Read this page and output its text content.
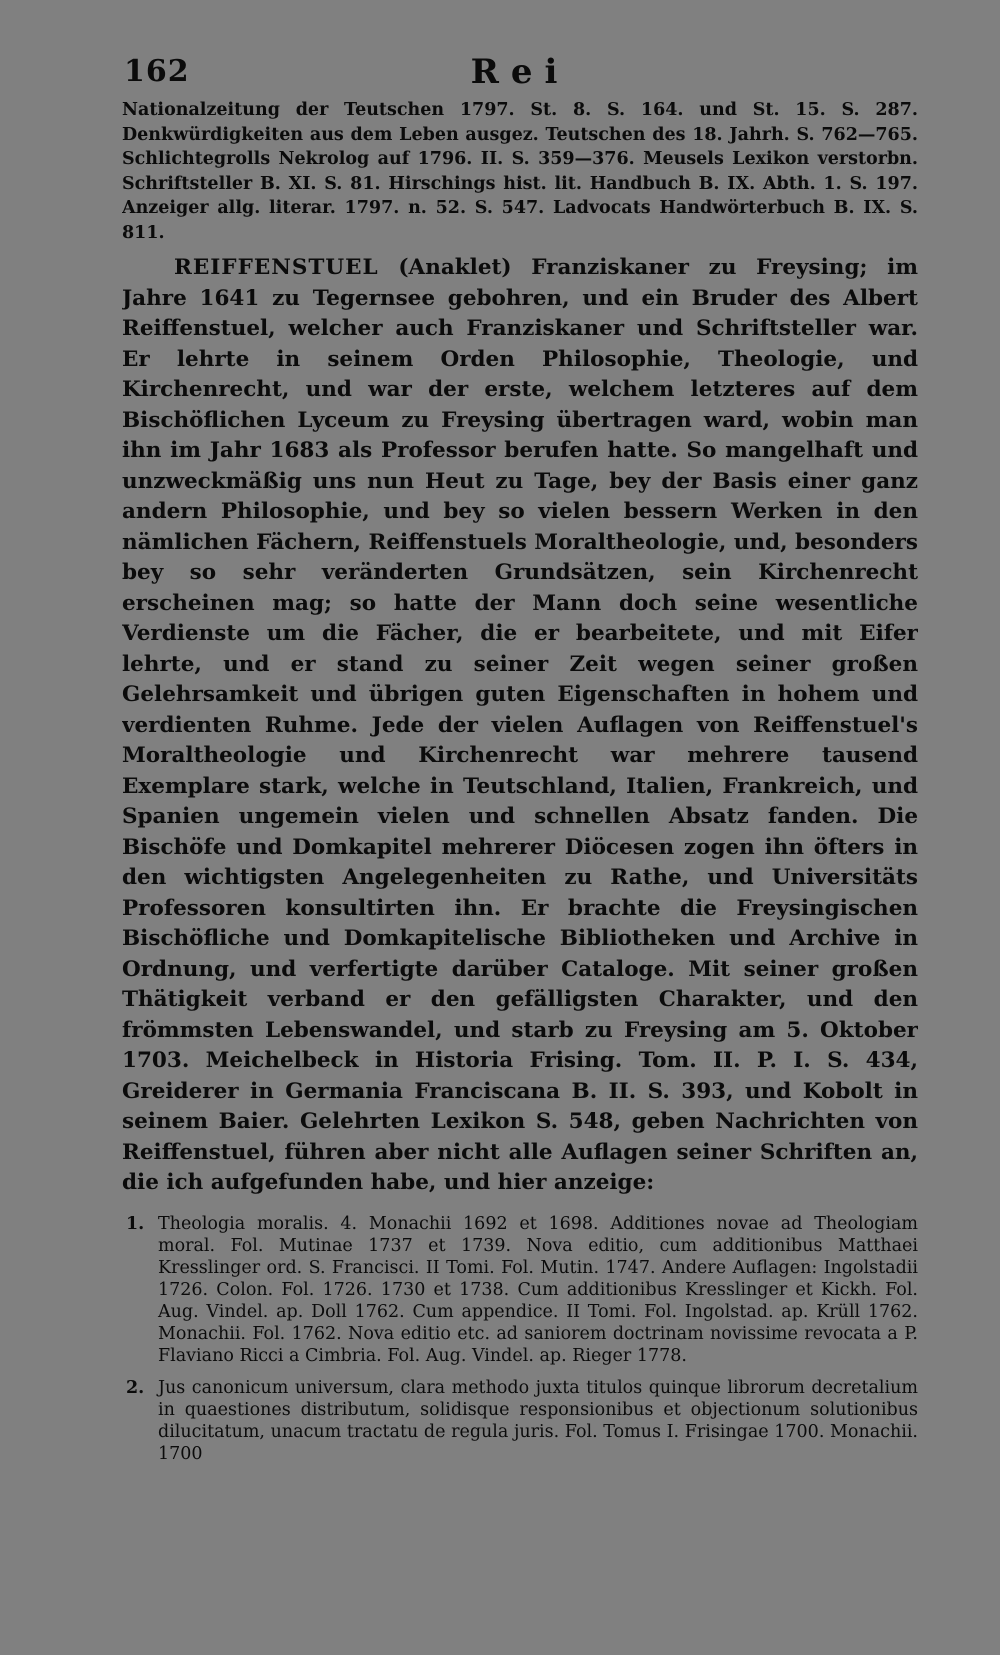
162	Rei

Nationalzeitung der Teutschen 1797. St. 8. S. 164. und St. 15. S. 287. Denkwürdigkeiten aus dem Leben ausgez. Teutschen des 18. Jahrh. S. 762—765. Schlichtegrolls Nekrolog auf 1796. II. S. 359—376. Meusels Lexikon verstorbn. Schriftsteller B. XI. S. 81. Hirschings hist. lit. Handbuch B. IX. Abth. 1. S. 197. Anzeiger allg. literar. 1797. n. 52. S. 547. Ladvocats Handwörterbuch B. IX. S. 811.

REIFFENSTUEL (Anaklet) Franziskaner zu Freysing; im Jahre 1641 zu Tegernsee gebohren, und ein Bruder des Albert Reiffenstuel, welcher auch Franziskaner und Schriftsteller war. Er lehrte in seinem Orden Philosophie, Theologie, und Kirchenrecht, und war der erste, welchem letzteres auf dem Bischöflichen Lyceum zu Freysing übertragen ward, wobin man ihn im Jahr 1683 als Professor berufen hatte. So mangelhaft und unzweckmäßig uns nun Heut zu Tage, bey der Basis einer ganz andern Philosophie, und bey so vielen bessern Werken in den nämlichen Fächern, Reiffenstuels Moraltheologie, und, besonders bey so sehr veränderten Grundsätzen, sein Kirchenrecht erscheinen mag; so hatte der Mann doch seine wesentliche Verdienste um die Fächer, die er bearbeitete, und mit Eifer lehrte, und er stand zu seiner Zeit wegen seiner großen Gelehrsamkeit und übrigen guten Eigenschaften in hohem und verdienten Ruhme. Jede der vielen Auflagen von Reiffenstuel's Moraltheologie und Kirchenrecht war mehrere tausend Exemplare stark, welche in Teutschland, Italien, Frankreich, und Spanien ungemein vielen und schnellen Absatz fanden. Die Bischöfe und Domkapitel mehrerer Diöcesen zogen ihn öfters in den wichtigsten Angelegenheiten zu Rathe, und Universitäts Professoren konsultirten ihn. Er brachte die Freysingischen Bischöfliche und Domkapitelische Bibliotheken und Archive in Ordnung, und verfertigte darüber Cataloge. Mit seiner großen Thätigkeit verband er den gefälligsten Charakter, und den frömmsten Lebenswandel, und starb zu Freysing am 5. Oktober 1703. Meichelbeck in Historia Frising. Tom. II. P. I. S. 434, Greiderer in Germania Franciscana B. II. S. 393, und Kobolt in seinem Baier. Gelehrten Lexikon S. 548, geben Nachrichten von Reiffenstuel, führen aber nicht alle Auflagen seiner Schriften an, die ich aufgefunden habe, und hier anzeige:

1. Theologia moralis. 4. Monachii 1692 et 1698. Additiones novae ad Theologiam moral. Fol. Mutinae 1737 et 1739. Nova editio, cum additionibus Matthaei Kresslinger ord. S. Francisci. II Tomi. Fol. Mutin. 1747. Andere Auflagen: Ingolstadii 1726. Colon. Fol. 1726. 1730 et 1738. Cum additionibus Kresslinger et Kickh. Fol. Aug. Vindel. ap. Doll 1762. Cum appendice. II Tomi. Fol. Ingolstad. ap. Krüll 1762. Monachii. Fol. 1762. Nova editio etc. ad saniorem doctrinam novissime revocata a P. Flaviano Ricci a Cimbria. Fol. Aug. Vindel. ap. Rieger 1778.
2. Jus canonicum universum, clara methodo juxta titulos quinque librorum decretalium in quaestiones distributum, solidisque responsionibus et objectionum solutionibus dilucitatum, unacum tractatu de regula juris. Fol. Tomus I. Frisingae 1700. Monachii. 1700
